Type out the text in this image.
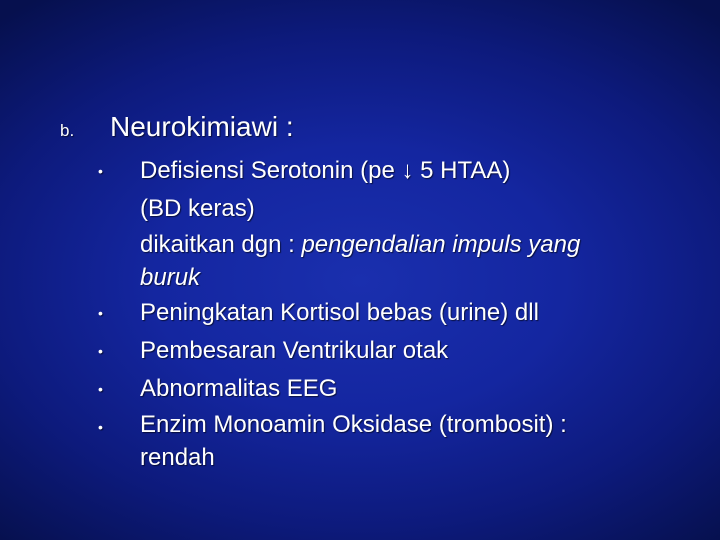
b. Neurokimiawi :
• Defisiensi Serotonin (pe ↓ 5 HTAA)
(BD keras)
dikaitkan dgn : pengendalian impuls yang
buruk
• Peningkatan Kortisol bebas (urine) dll
• Pembesaran Ventrikular otak
• Abnormalitas EEG
• Enzim Monoamin Oksidase (trombosit) :
rendah
